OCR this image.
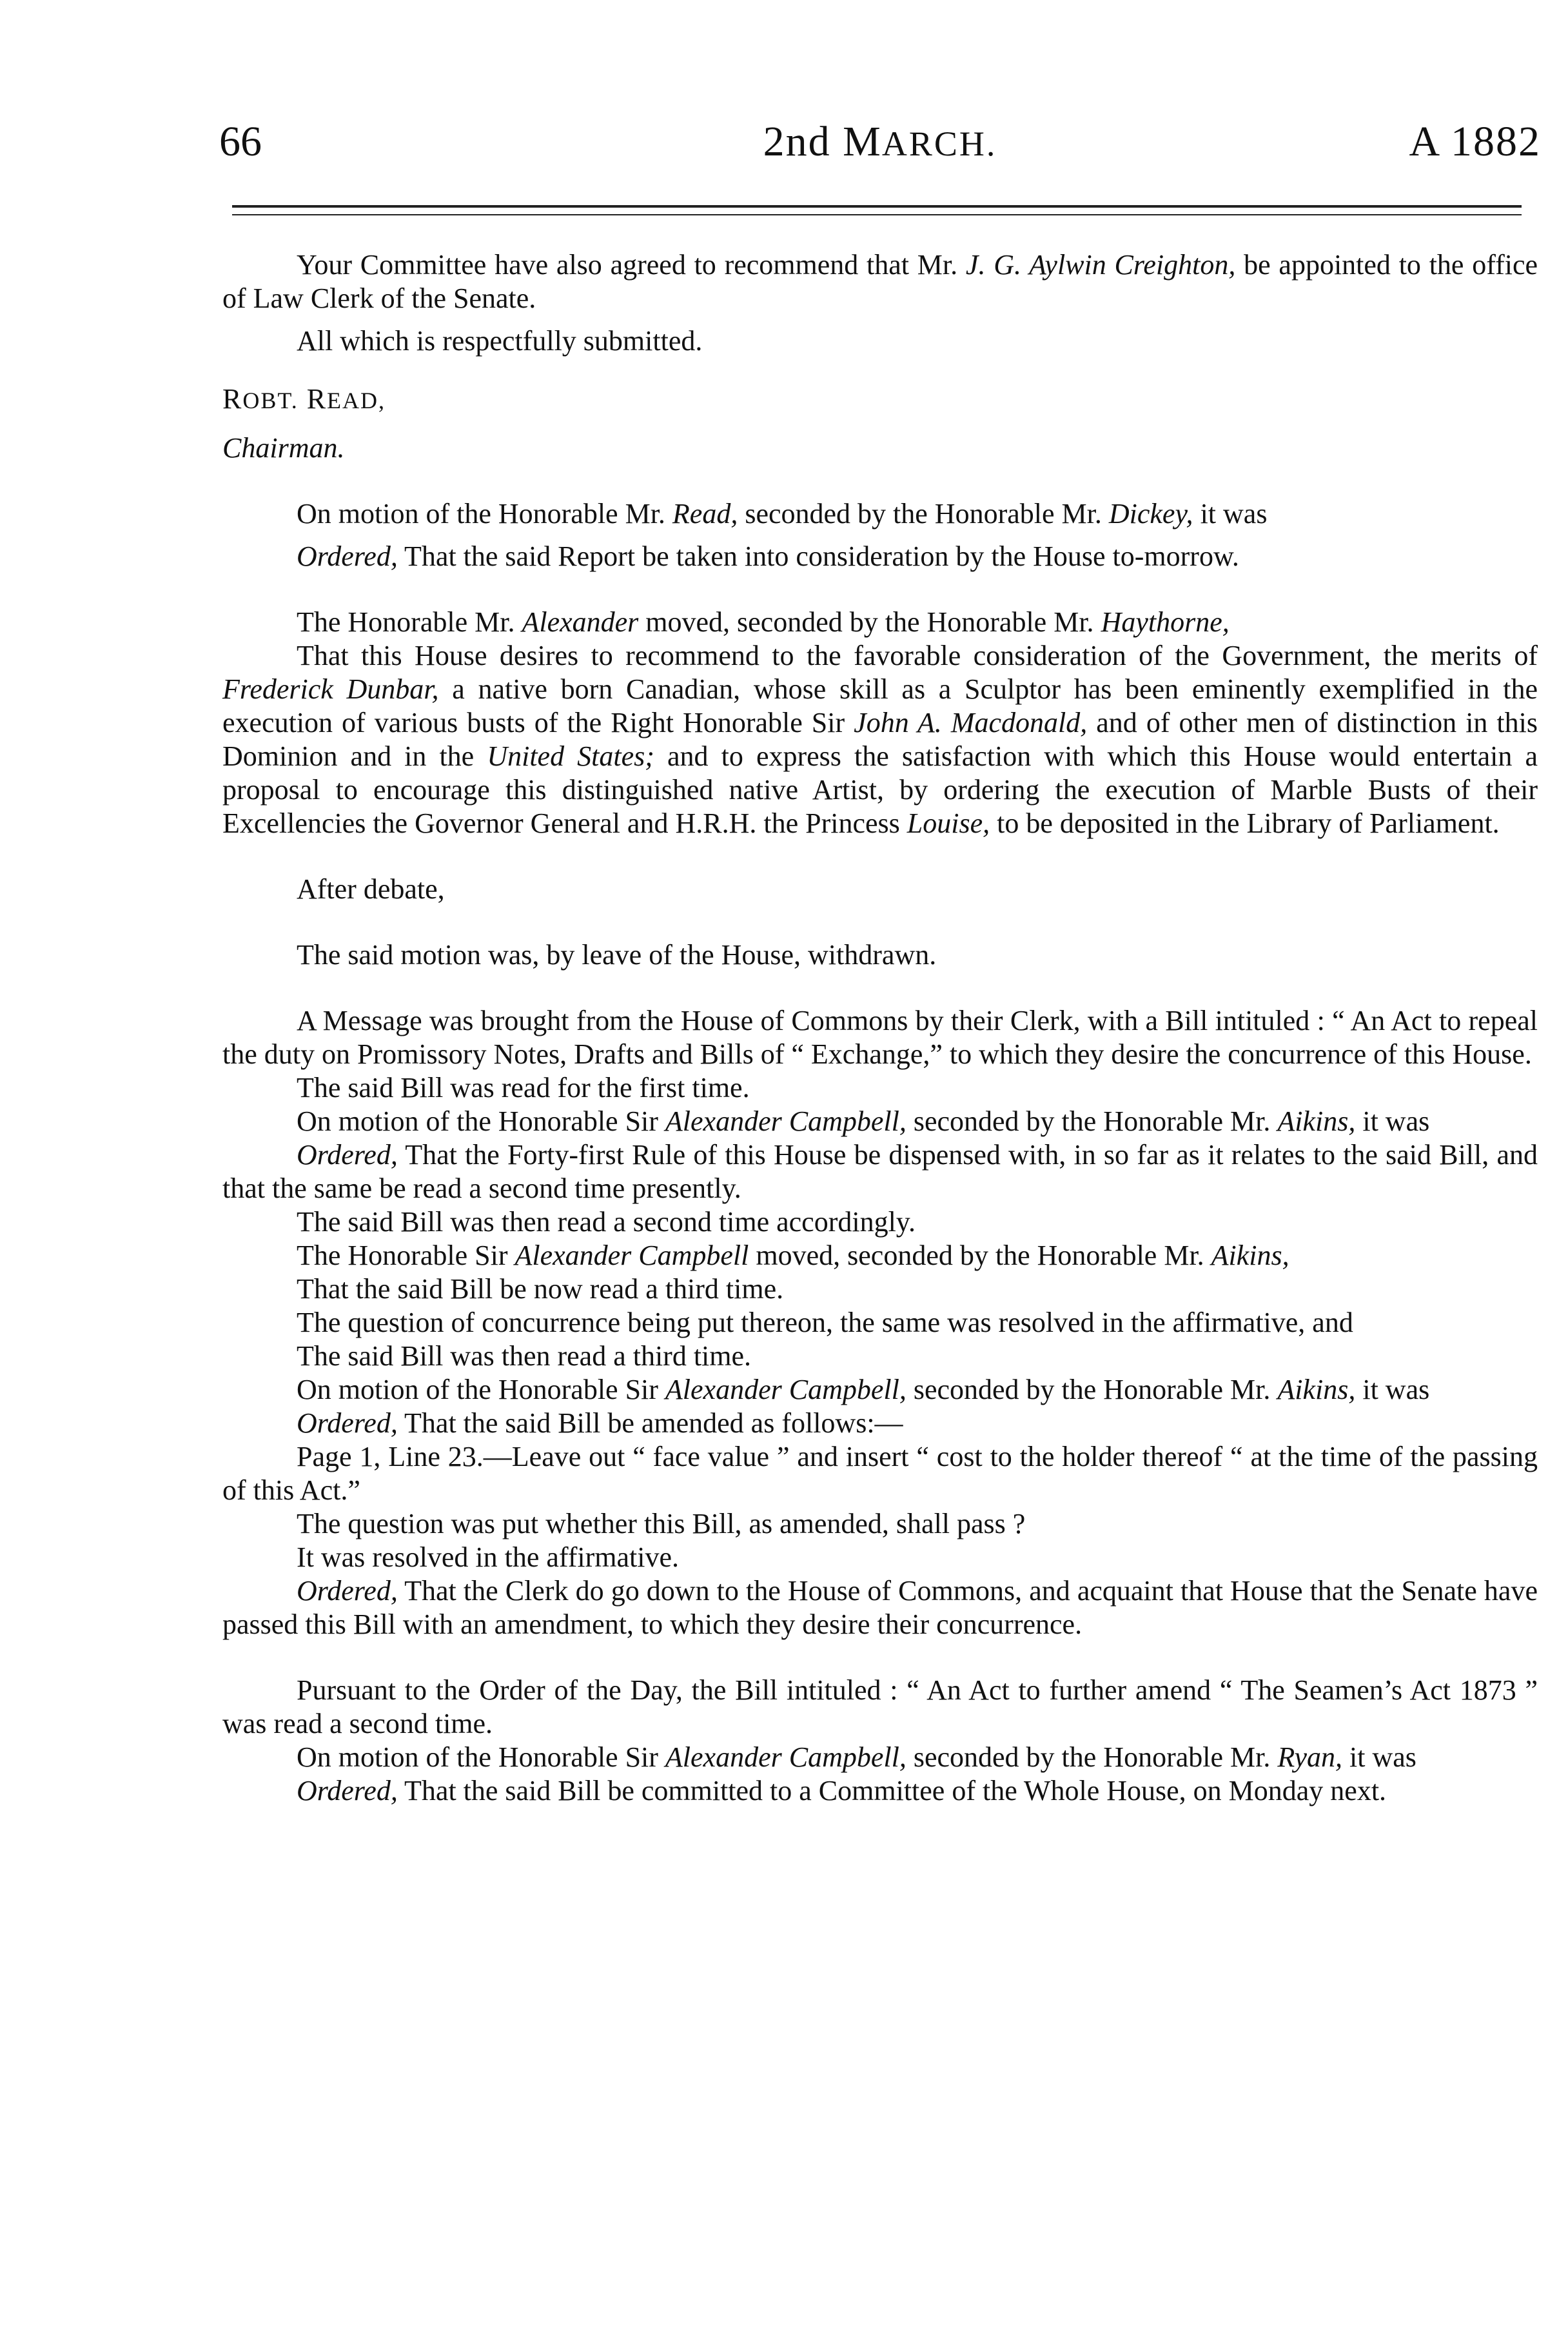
66	2nd MARCH.	A 1882

Your Committee have also agreed to recommend that Mr. J. G. Aylwin Creighton, be appointed to the office of Law Clerk of the Senate.

All which is respectfully submitted.

ROBT. READ,

Chairman.

On motion of the Honorable Mr. Read, seconded by the Honorable Mr. Dickey, it was

Ordered, That the said Report be taken into consideration by the House to-morrow.

The Honorable Mr. Alexander moved, seconded by the Honorable Mr. Haythorne,

That this House desires to recommend to the favorable consideration of the Government, the merits of Frederick Dunbar, a native born Canadian, whose skill as a Sculptor has been eminently exemplified in the execution of various busts of the Right Honorable Sir John A. Macdonald, and of other men of distinction in this Dominion and in the United States; and to express the satisfaction with which this House would entertain a proposal to encourage this distinguished native Artist, by ordering the execution of Marble Busts of their Excellencies the Governor General and H.R.H. the Princess Louise, to be deposited in the Library of Parliament.

After debate,

The said motion was, by leave of the House, withdrawn.

A Message was brought from the House of Commons by their Clerk, with a Bill intituled : “ An Act to repeal the duty on Promissory Notes, Drafts and Bills of “ Exchange,” to which they desire the concurrence of this House.

The said Bill was read for the first time.

On motion of the Honorable Sir Alexander Campbell, seconded by the Honorable Mr. Aikins, it was

Ordered, That the Forty-first Rule of this House be dispensed with, in so far as it relates to the said Bill, and that the same be read a second time presently.

The said Bill was then read a second time accordingly.

The Honorable Sir Alexander Campbell moved, seconded by the Honorable Mr. Aikins,

That the said Bill be now read a third time.

The question of concurrence being put thereon, the same was resolved in the affirmative, and

The said Bill was then read a third time.

On motion of the Honorable Sir Alexander Campbell, seconded by the Honorable Mr. Aikins, it was

Ordered, That the said Bill be amended as follows:—

Page 1, Line 23.—Leave out “ face value ” and insert “ cost to the holder thereof “ at the time of the passing of this Act.”

The question was put whether this Bill, as amended, shall pass ?

It was resolved in the affirmative.

Ordered, That the Clerk do go down to the House of Commons, and acquaint that House that the Senate have passed this Bill with an amendment, to which they desire their concurrence.

Pursuant to the Order of the Day, the Bill intituled : “ An Act to further amend “ The Seamen’s Act 1873 ” was read a second time.

On motion of the Honorable Sir Alexander Campbell, seconded by the Honorable Mr. Ryan, it was

Ordered, That the said Bill be committed to a Committee of the Whole House, on Monday next.
